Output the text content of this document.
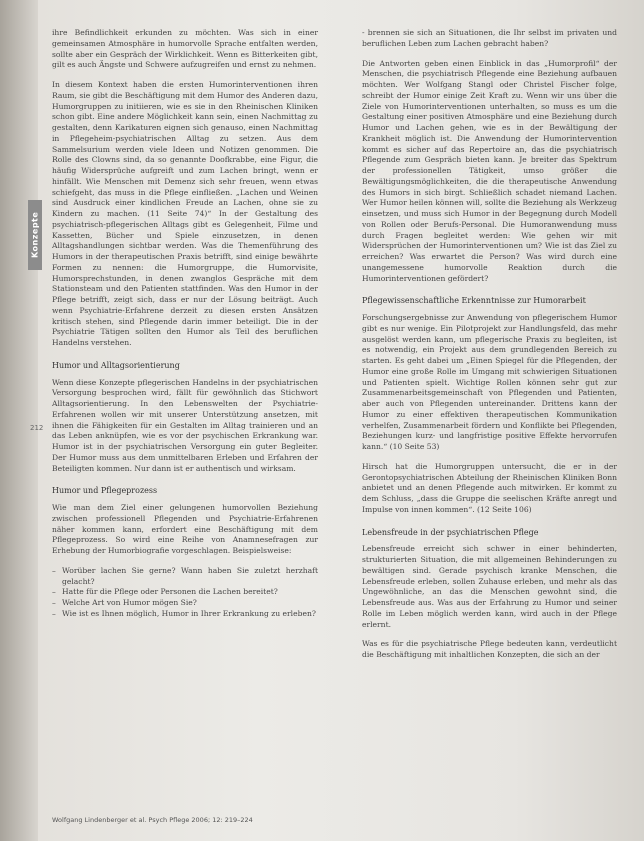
Konzepte
212

ihre Befindlichkeit erkunden zu möchten. Was sich in einer gemeinsamen Atmosphäre in humorvolle Sprache entfalten werden, sollte aber ein Gespräch der Wirklichkeit. Wenn es Bitterkeiten gibt, gilt es auch Ängste und Schwere aufzugreifen und ernst zu nehmen.

In diesem Kontext haben die ersten Humorinterventionen ihren Raum, sie gibt die Beschäftigung mit dem Humor des Anderen dazu, Humorgruppen zu initiieren, wie es sie in den Rheinischen Kliniken schon gibt. Eine andere Möglichkeit kann sein, einen Nachmittag zu gestalten, denn Karikaturen eignen sich genauso, einen Nachmittag in Pflegeheim-psychiatrischen Alltag zu setzen. Aus dem Sammelsurium werden viele Ideen und Notizen genommen. Die Rolle des Clowns sind, da so genannte Doofkrabbe, eine Figur, die häufig Widersprüche aufgreift und zum Lachen bringt, wenn er hinfällt. Wie Menschen mit Demenz sich sehr freuen, wenn etwas schiefgeht, das muss in die Pflege einfließen. „Lachen und Weinen sind Ausdruck einer kindlichen Freude an Lachen, ohne sie zu Kindern zu machen. (11 Seite 74)“ In der Gestaltung des psychiatrisch-pflegerischen Alltags gibt es Gelegenheit, Filme und Kassetten, Bücher und Spiele einzusetzen, in denen Alltagshandlungen sichtbar werden. Was die Themenführung des Humors in der therapeutischen Praxis betrifft, sind einige bewährte Formen zu nennen: die Humorgruppe, die Humorvisite, Humorsprechstunden, in denen zwanglos Gespräche mit dem Stationsteam und den Patienten stattfinden. Was den Humor in der Pflege betrifft, zeigt sich, dass er nur der Lösung beiträgt. Auch wenn Psychiatrie-Erfahrene derzeit zu diesen ersten Ansätzen kritisch stehen, sind Pflegende darin immer beteiligt. Die in der Psychiatrie Tätigen sollten den Humor als Teil des beruflichen Handelns verstehen.

Humor und Alltagsorientierung

Wenn diese Konzepte pflegerischen Handelns in der psychiatrischen Versorgung besprochen wird, fällt für gewöhnlich das Stichwort Alltagsorientierung. In den Lebenswelten der Psychiatrie-Erfahrenen wollen wir mit unserer Unterstützung ansetzen, mit ihnen die Fähigkeiten für ein Gestalten im Alltag trainieren und an das Leben anknüpfen, wie es vor der psychischen Erkrankung war. Humor ist in der psychiatrischen Versorgung ein guter Begleiter. Der Humor muss aus dem unmittelbaren Erleben und Erfahren der Beteiligten kommen. Nur dann ist er authentisch und wirksam.

Humor und Pflegeprozess

Wie man dem Ziel einer gelungenen humorvollen Beziehung zwischen professionell Pflegenden und Psychiatrie-Erfahrenen näher kommen kann, erfordert eine Beschäftigung mit dem Pflegeprozess. So wird eine Reihe von Anamnesefragen zur Erhebung der Humorbiografie vorgeschlagen. Beispielsweise:

– Worüber lachen Sie gerne? Wann haben Sie zuletzt herzhaft gelacht?
– Hatte für die Pflege oder Personen die Lachen bereitet?
– Welche Art von Humor mögen Sie?
– Wie ist es Ihnen möglich, Humor in Ihrer Erkrankung zu erleben?

- brennen sie sich an Situationen, die Ihr selbst im privaten und beruflichen Leben zum Lachen gebracht haben?

Die Antworten geben einen Einblick in das „Humorprofil“ der Menschen, die psychiatrisch Pflegende eine Beziehung aufbauen möchten. Wer Wolfgang Stangl oder Christel Fischer folge, schreibt der Humor einige Zeit Kraft zu. Wenn wir uns über die Ziele von Humorinterventionen unterhalten, so muss es um die Gestaltung einer positiven Atmosphäre und eine Beziehung durch Humor und Lachen gehen, wie es in der Bewältigung der Krankheit möglich ist. Die Anwendung der Humorintervention kommt es sicher auf das Repertoire an, das die psychiatrisch Pflegende zum Gespräch bieten kann. Je breiter das Spektrum der professionellen Tätigkeit, umso größer die Bewältigungsmöglichkeiten, die die therapeutische Anwendung des Humors in sich birgt. Schließlich schadet niemand Lachen. Wer Humor heilen können will, sollte die Beziehung als Werkzeug einsetzen, und muss sich Humor in der Begegnung durch Modell von Rollen oder Berufs-Personal. Die Humoranwendung muss durch Fragen begleitet werden: Wie gehen wir mit Widersprüchen der Humorinterventionen um? Wie ist das Ziel zu erreichen? Was erwartet die Person? Was wird durch eine unangemessene humorvolle Reaktion durch die Humorinterventionen gefördert?

Pflegewissenschaftliche Erkenntnisse zur Humorarbeit

Forschungsergebnisse zur Anwendung von pflegerischem Humor gibt es nur wenige. Ein Pilotprojekt zur Handlungsfeld, das mehr ausgelöst werden kann, um pflegerische Praxis zu begleiten, ist es notwendig, ein Projekt aus dem grundlegenden Bereich zu starten. Es geht dabei um „Einen Spiegel für die Pflegenden, der Humor eine große Rolle im Umgang mit schwierigen Situationen und Patienten spielt. Wichtige Rollen können sehr gut zur Zusammenarbeitsgemeinschaft von Pflegenden und Patienten, aber auch von Pflegenden untereinander. Drittens kann der Humor zu einer effektiven therapeutischen Kommunikation verhelfen, Zusammenarbeit fördern und Konflikte bei Pflegenden, Beziehungen kurz- und langfristige positive Effekte hervorrufen kann.“ (10 Seite 53)

Hirsch hat die Humorgruppen untersucht, die er in der Gerontopsychiatrischen Abteilung der Rheinischen Kliniken Bonn anbietet und an denen Pflegende auch mitwirken. Er kommt zu dem Schluss, „dass die Gruppe die seelischen Kräfte anregt und Impulse von innen kommen“. (12 Seite 106)

Lebensfreude in der psychiatrischen Pflege

Lebensfreude erreicht sich schwer in einer behinderten, strukturierten Situation, die mit allgemeinen Behinderungen zu bewältigen sind. Gerade psychisch kranke Menschen, die Lebensfreude erleben, sollen Zuhause erleben, und mehr als das Ungewöhnliche, an das die Menschen gewohnt sind, die Lebensfreude aus. Was aus der Erfahrung zu Humor und seiner Rolle im Leben möglich werden kann, wird auch in der Pflege erlernt.

Was es für die psychiatrische Pflege bedeuten kann, verdeutlicht die Beschäftigung mit inhaltlichen Konzepten, die sich an der

Wolfgang Lindenberger et al. Psych Pflege 2006; 12: 219–224
